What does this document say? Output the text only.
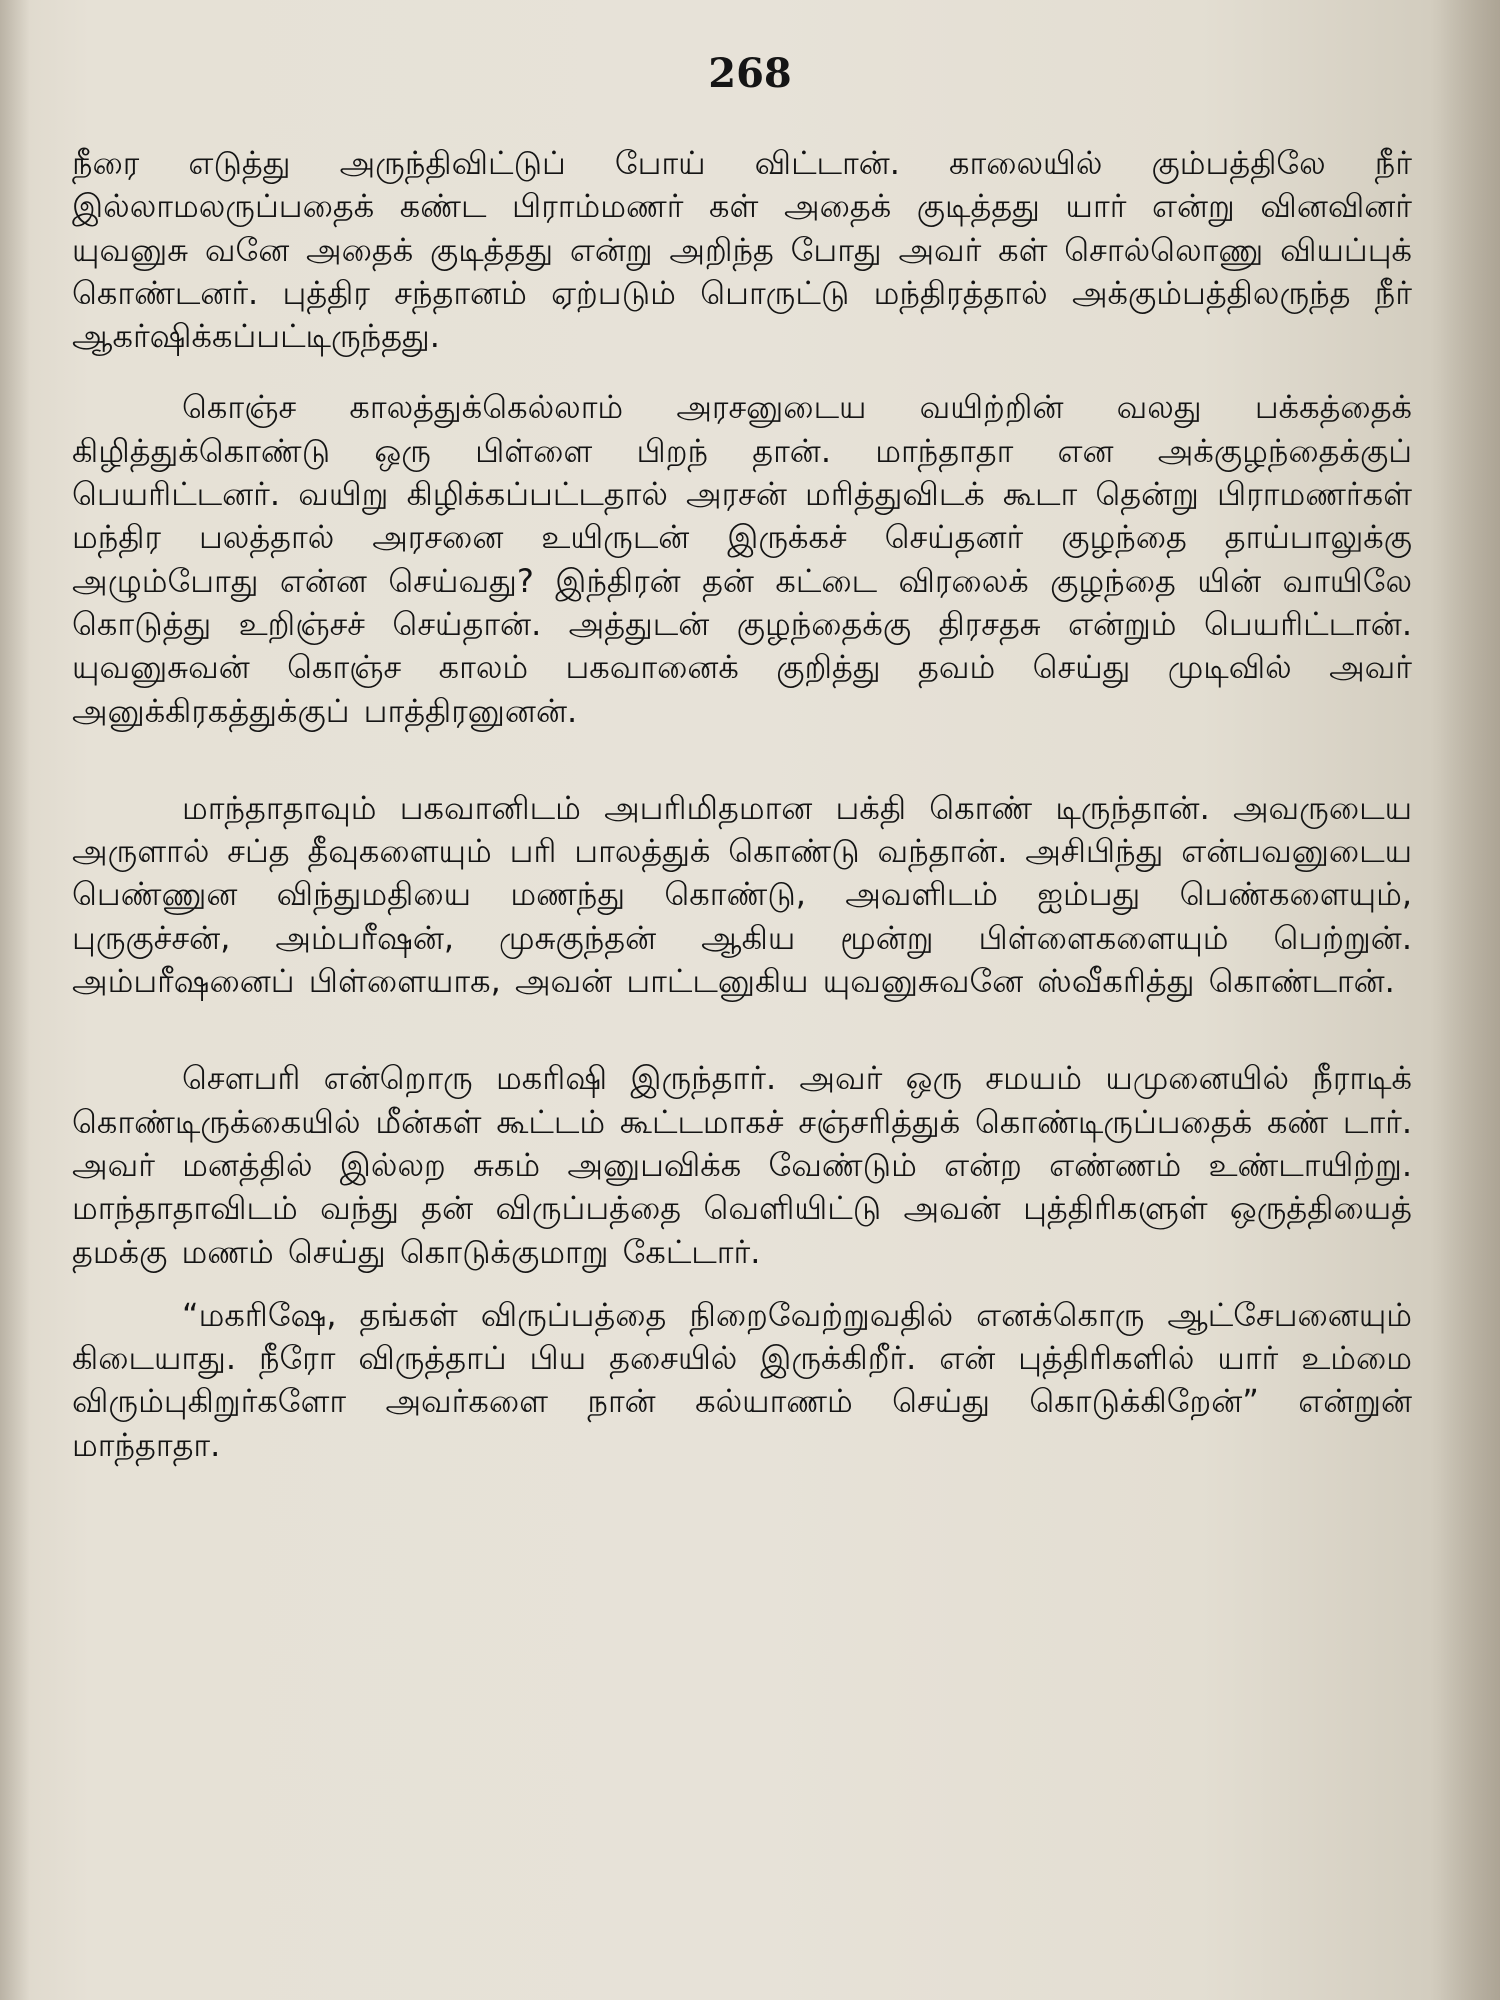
268

நீரை எடுத்து அருந்திவிட்டுப் போய் விட்டான். காலையில் கும்பத்திலே நீர் இல்லாமலருப்பதைக் கண்ட பிராம்மணர் கள் அதைக் குடித்தது யார் என்று வினவினர் யுவனுசு வனே அதைக் குடித்தது என்று அறிந்த போது அவர் கள் சொல்லொணு வியப்புக் கொண்டனர். புத்திர சந்தானம் ஏற்படும் பொருட்டு மந்திரத்தால் அக்கும்பத்திலருந்த நீர் ஆகர்ஷிக்கப்பட்டிருந்தது.

கொஞ்ச காலத்துக்கெல்லாம் அரசனுடைய வயிற்றின் வலது பக்கத்தைக் கிழித்துக்கொண்டு ஒரு பிள்ளை பிறந் தான். மாந்தாதா என அக்குழந்தைக்குப் பெயரிட்டனர். வயிறு கிழிக்கப்பட்டதால் அரசன் மரித்துவிடக் கூடா தென்று பிராமணர்கள் மந்திர பலத்தால் அரசனை உயிருடன் இருக்கச் செய்தனர் குழந்தை தாய்பாலுக்கு அழும்போது என்ன செய்வது? இந்திரன் தன் கட்டை விரலைக் குழந்தை யின் வாயிலே கொடுத்து உறிஞ்சச் செய்தான். அத்துடன் குழந்தைக்கு திரசதசு என்றும் பெயரிட்டான். யுவனுசுவன் கொஞ்ச காலம் பகவானைக் குறித்து தவம் செய்து முடிவில் அவர் அனுக்கிரகத்துக்குப் பாத்திரனுனன்.

மாந்தாதாவும் பகவானிடம் அபரிமிதமான பக்தி கொண் டிருந்தான். அவருடைய அருளால் சப்த தீவுகளையும் பரி பாலத்துக் கொண்டு வந்தான். அசிபிந்து என்பவனுடைய பெண்ணுன விந்துமதியை மணந்து கொண்டு, அவளிடம் ஐம்பது பெண்களையும், புருகுச்சன், அம்பரீஷன், முசுகுந்தன் ஆகிய மூன்று பிள்ளைகளையும் பெற்றுன். அம்பரீஷனைப் பிள்ளையாக, அவன் பாட்டனுகிய யுவனுசுவனே ஸ்வீகரித்து கொண்டான்.

சௌபரி என்றொரு மகரிஷி இருந்தார். அவர் ஒரு சமயம் யமுனையில் நீராடிக் கொண்டிருக்கையில் மீன்கள் கூட்டம் கூட்டமாகச் சஞ்சரித்துக் கொண்டிருப்பதைக் கண் டார். அவர் மனத்தில் இல்லற சுகம் அனுபவிக்க வேண்டும் என்ற எண்ணம் உண்டாயிற்று. மாந்தாதாவிடம் வந்து தன் விருப்பத்தை வெளியிட்டு அவன் புத்திரிகளுள் ஒருத்தியைத் தமக்கு மணம் செய்து கொடுக்குமாறு கேட்டார்.

“மகரிஷே, தங்கள் விருப்பத்தை நிறைவேற்றுவதில் எனக்கொரு ஆட்சேபனையும் கிடையாது. நீரோ விருத்தாப் பிய தசையில் இருக்கிறீர். என் புத்திரிகளில் யார் உம்மை விரும்புகிறுர்களோ அவர்களை நான் கல்யாணம் செய்து கொடுக்கிறேன்” என்றுன் மாந்தாதா.
